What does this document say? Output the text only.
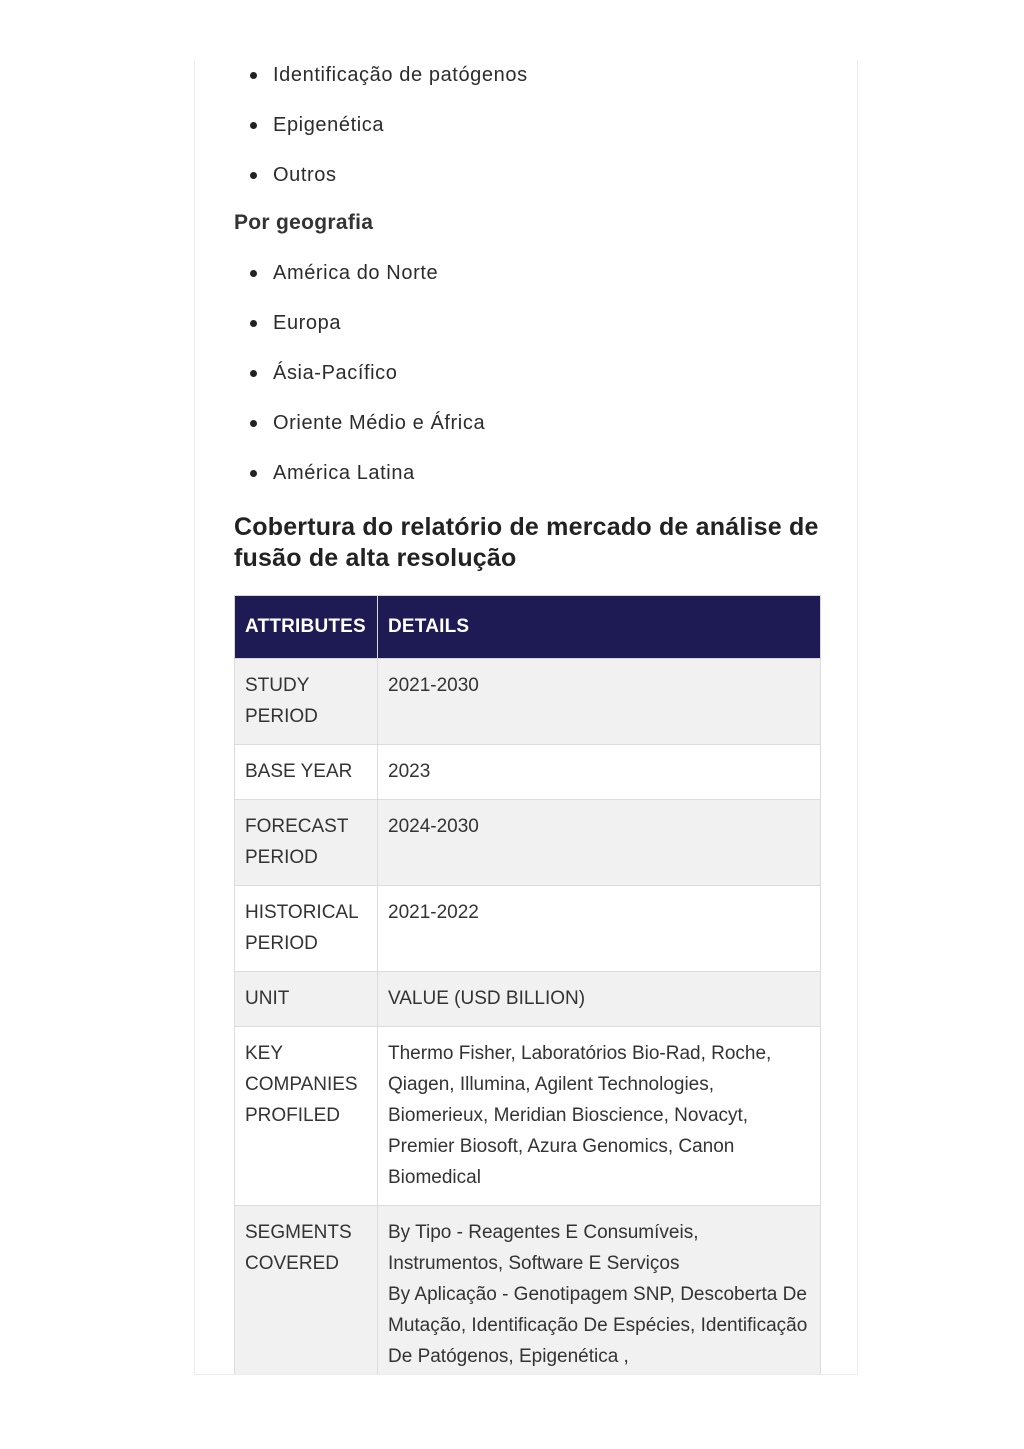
Identificação de patógenos
Epigenética
Outros
Por geografia
América do Norte
Europa
Ásia-Pacífico
Oriente Médio e África
América Latina
Cobertura do relatório de mercado de análise de fusão de alta resolução
ATTRIBUTES	DETAILS
STUDY PERIOD	2021-2030

BASE YEAR	2023

FORECAST PERIOD	2024-2030

HISTORICAL PERIOD	2021-2022

UNIT	VALUE (USD BILLION)

KEY COMPANIES PROFILED	Thermo Fisher, Laboratórios Bio-Rad, Roche, Qiagen, Illumina, Agilent Technologies, Biomerieux, Meridian Bioscience, Novacyt, Premier Biosoft, Azura Genomics, Canon Biomedical

SEGMENTS COVERED	By Tipo - Reagentes E Consumíveis, Instrumentos, Software E Serviços
By Aplicação - Genotipagem SNP, Descoberta De Mutação, Identificação De Espécies, Identificação De Patógenos, Epigenética ,
